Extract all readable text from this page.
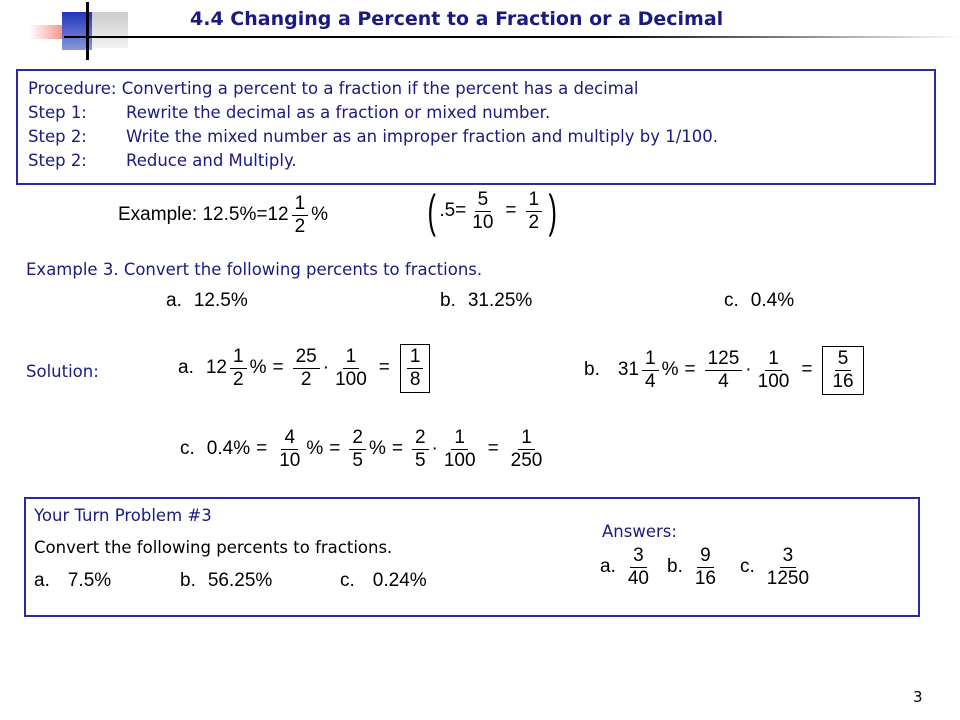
4.4 Changing a Percent to a Fraction or a Decimal
Procedure: Converting a percent to a fraction if the percent has a decimal
Step 1: Rewrite the decimal as a fraction or mixed number.
Step 2: Write the mixed number as an improper fraction and multiply by 1/100.
Step 2: Reduce and Multiply.
Example: $12.5\%=12 \frac{1}{2}$ % ( $.5= \frac{5}{10} = \frac{1}{2}$ )
Example 3. Convert the following percents to fractions.
a. 12.5%	b. 31.25%	c. 0.4%
Solution:	a. $12 \frac{1}{2}$ % = $\frac{25}{2} \cdot \frac{1}{100} = \frac{1}{8}$	b. $31 \frac{1}{4}$ % = $\frac{125}{4} \cdot \frac{1}{100} = \frac{5}{16}$
c. $0.4\% = \frac{4}{10}$ % = $\frac{2}{5}$ % = $\frac{2}{5} \cdot \frac{1}{100} = \frac{1}{250}$
Your Turn Problem #3
Convert the following percents to fractions.
a. 7.5%	b. 56.25%	c. 0.24%
Answers:
a. $\frac{3}{40} b$. $\frac{9}{16} c$. $\frac{3}{1250}$
3
